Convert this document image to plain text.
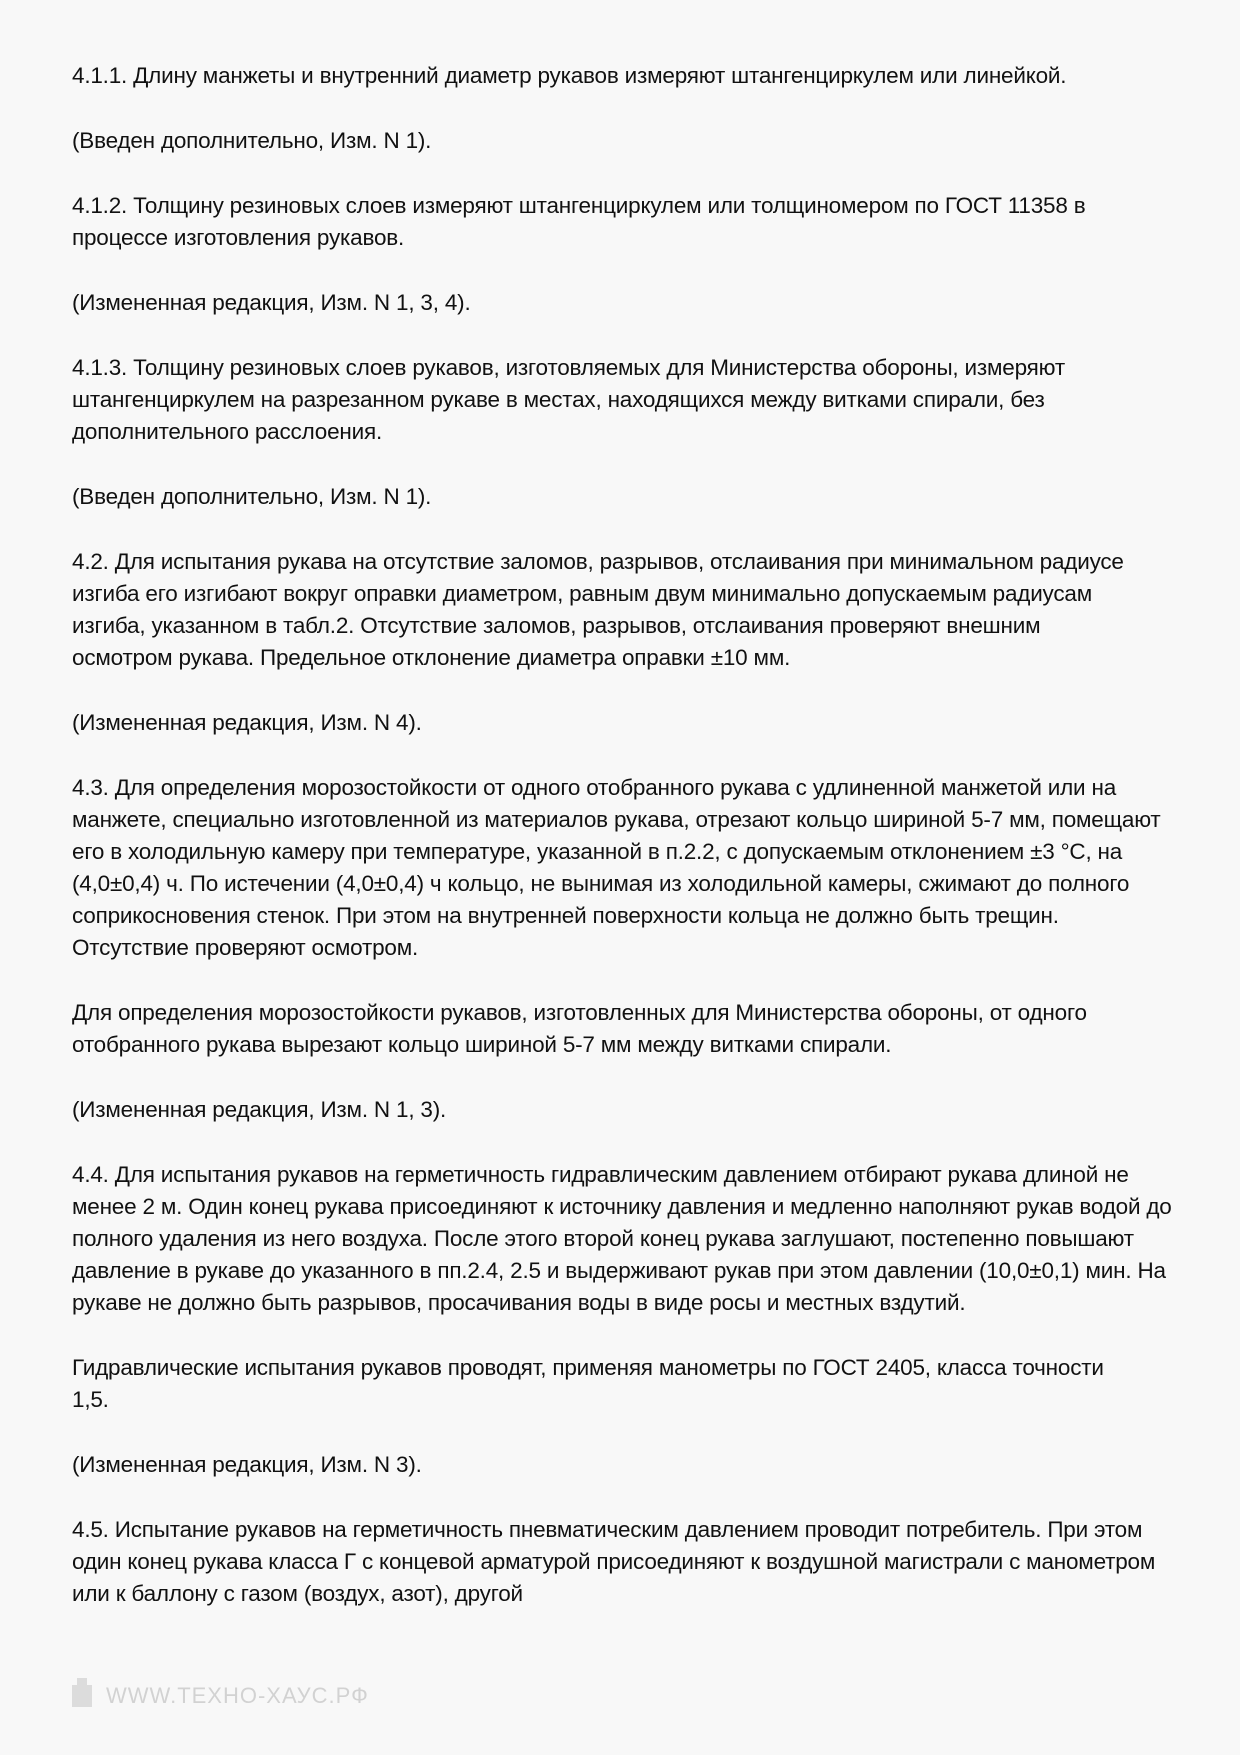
4.1.1. Длину манжеты и внутренний диаметр рукавов измеряют штангенциркулем или линейкой.

(Введен дополнительно, Изм. N 1).

4.1.2. Толщину резиновых слоев измеряют штангенциркулем или толщиномером по ГОСТ 11358 в процессе изготовления рукавов.

(Измененная редакция, Изм. N 1, 3, 4).

4.1.3. Толщину резиновых слоев рукавов, изготовляемых для Министерства обороны, измеряют штангенциркулем на разрезанном рукаве в местах, находящихся между витками спирали, без дополнительного расслоения.

(Введен дополнительно, Изм. N 1).

4.2. Для испытания рукава на отсутствие заломов, разрывов, отслаивания при минимальном радиусе изгиба его изгибают вокруг оправки диаметром, равным двум минимально допускаемым радиусам изгиба, указанном в табл.2. Отсутствие заломов, разрывов, отслаивания проверяют внешним осмотром рукава. Предельное отклонение диаметра оправки ±10 мм.

(Измененная редакция, Изм. N 4).

4.3. Для определения морозостойкости от одного отобранного рукава с удлиненной манжетой или на манжете, специально изготовленной из материалов рукава, отрезают кольцо шириной 5-7 мм, помещают его в холодильную камеру при температуре, указанной в п.2.2, с допускаемым отклонением ±3 °С, на (4,0±0,4) ч. По истечении (4,0±0,4) ч кольцо, не вынимая из холодильной камеры, сжимают до полного соприкосновения стенок. При этом на внутренней поверхности кольца не должно быть трещин. Отсутствие проверяют осмотром.

Для определения морозостойкости рукавов, изготовленных для Министерства обороны, от одного отобранного рукава вырезают кольцо шириной 5-7 мм между витками спирали.

(Измененная редакция, Изм. N 1, 3).

4.4. Для испытания рукавов на герметичность гидравлическим давлением отбирают рукава длиной не менее 2 м. Один конец рукава присоединяют к источнику давления и медленно наполняют рукав водой до полного удаления из него воздуха. После этого второй конец рукава заглушают, постепенно повышают давление в рукаве до указанного в пп.2.4, 2.5 и выдерживают рукав при этом давлении (10,0±0,1) мин. На рукаве не должно быть разрывов, просачивания воды в виде росы и местных вздутий.

Гидравлические испытания рукавов проводят, применяя манометры по ГОСТ 2405, класса точности 1,5.

(Измененная редакция, Изм. N 3).

4.5. Испытание рукавов на герметичность пневматическим давлением проводит потребитель. При этом один конец рукава класса Г с концевой арматурой присоединяют к воздушной магистрали с манометром или к баллону с газом (воздух, азот), другой

WWW.ТЕХНО-ХАУС.РФ
